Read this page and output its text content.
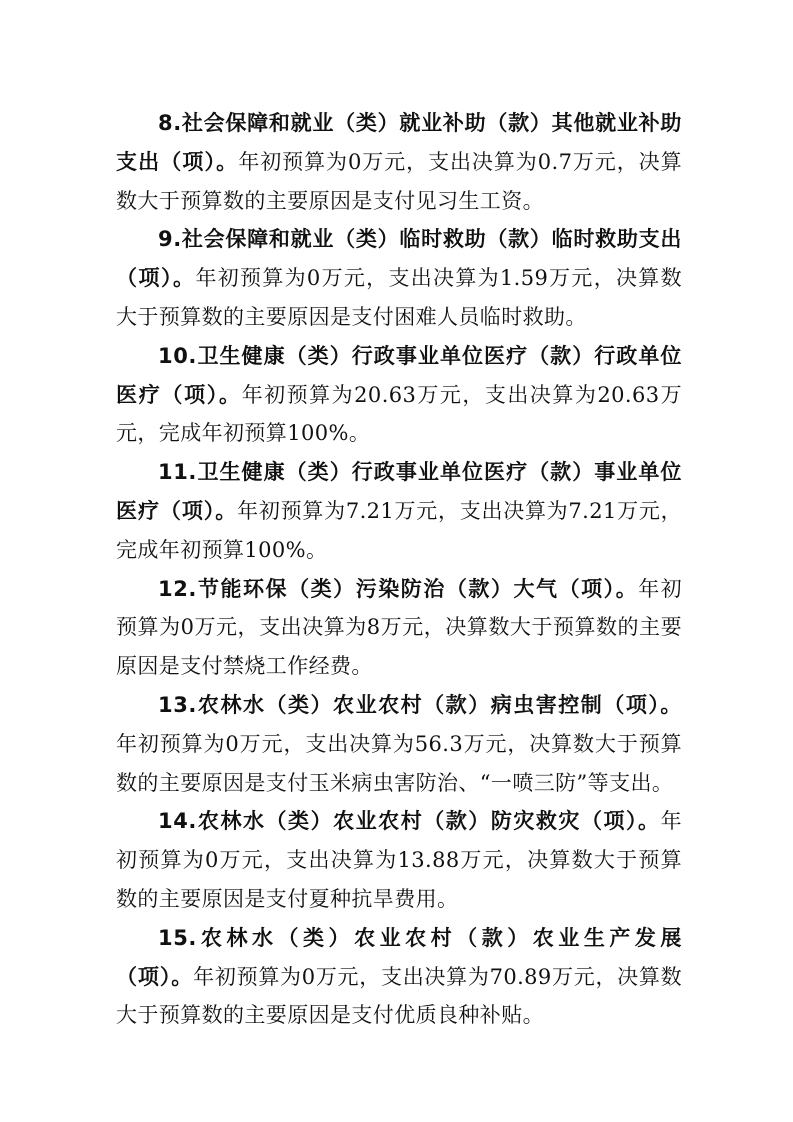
8.社会保障和就业（类）就业补助（款）其他就业补助支出（项）。年初预算为0万元，支出决算为0.7万元，决算数大于预算数的主要原因是支付见习生工资。

9.社会保障和就业（类）临时救助（款）临时救助支出（项）。年初预算为0万元，支出决算为1.59万元，决算数大于预算数的主要原因是支付困难人员临时救助。

10.卫生健康（类）行政事业单位医疗（款）行政单位医疗（项）。年初预算为20.63万元，支出决算为20.63万元，完成年初预算100%。

11.卫生健康（类）行政事业单位医疗（款）事业单位医疗（项）。年初预算为7.21万元，支出决算为7.21万元，完成年初预算100%。

12.节能环保（类）污染防治（款）大气（项）。年初预算为0万元，支出决算为8万元，决算数大于预算数的主要原因是支付禁烧工作经费。

13.农林水（类）农业农村（款）病虫害控制（项）。年初预算为0万元，支出决算为56.3万元，决算数大于预算数的主要原因是支付玉米病虫害防治、“一喷三防”等支出。

14.农林水（类）农业农村（款）防灾救灾（项）。年初预算为0万元，支出决算为13.88万元，决算数大于预算数的主要原因是支付夏种抗旱费用。

15.农林水（类）农业农村（款）农业生产发展（项）。年初预算为0万元，支出决算为70.89万元，决算数大于预算数的主要原因是支付优质良种补贴。
